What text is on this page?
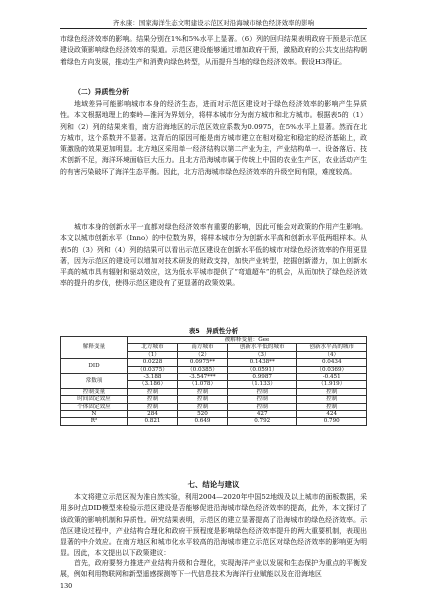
齐永康：国家海洋生态文明建设示范区对沿海城市绿色经济效率的影响

市绿色经济效率的影响。结果分别在1%和5%水平上显著。（6）列的回归结果表明政府干预是示范区建设政策影响绿色经济效率的渠道。示范区建设能够通过增加政府干预，激励政府的公共支出结构朝着绿色方向发展，推动生产和消费向绿色转型，从而提升当地的绿色经济效率。假设H3得证。

（二）异质性分析

地域差异可能影响城市本身的经济生态，进而对示范区建设对于绿色经济效率的影响产生异质性。本文根据地理上的秦岭—淮河为界划分，将样本城市分为南方城市和北方城市。根据表5的（1）列和（2）列的结果来看，南方沿海地区的示范区效应系数为0.0975，在5%水平上显著。然而在北方城市，这个系数并不显著。这背后的原因可能是南方城市建立在相对稳定和稳定的经济基础上，政策激励的效果更加明显。北方地区采用单一经济结构以第二产业为主，产业结构单一、设备落后、技术创新不足，海洋环境面临巨大压力。且北方沿海城市属于传统上中国的农业生产区，农业活动产生的有害污染破坏了海洋生态平衡。因此，北方沿海城市绿色经济效率的升级空间有限，难度较高。

城市本身的创新水平一直都对绿色经济效率有重要的影响，因此可能会对政策的作用产生影响。本文以城市创新水平（Inno）的中位数为界，将样本城市分为创新水平高和创新水平低两组样本。从表5的（3）列和（4）列的结果可以看出示范区建设在创新水平低的城市对绿色经济效率的作用更显著，因为示范区的建设可以增加对技术研发的财政支持，加快产业转型，挖掘创新潜力，加上创新水平高的城市具有辐射和驱动效应，这为低水平城市提供了“弯道超车”的机会，从而加快了绿色经济效率的提升的步伐，使得示范区建设有了更显著的政策效果。

表5　异质性分析
解释变量	被解释变量：Gee			
	北方城市	南方城市	创新水平低的城市	创新水平高的城市
	（1）	（2）	（3）	（4）
DID	0.0228	0.0975**	0.1438**	0.0434
	（0.0375）	（0.0385）	（0.0591）	（0.0369）
常数项	-3.188	-3.547***	0.9987	-0.451
	（3.186）	（1.078）	（1.133）	（1.919）
控制变量	控制	控制	控制	控制
时间固定效应	控制	控制	控制	控制
个体固定效应	控制	控制	控制	控制
N	284	520	427	424
R²	0.821	0.649	0.792	0.790
七、结论与建议

本文将建立示范区视为准自然实验，利用2004—2020年中国52地级及以上城市的面板数据，采用多时点DID模型来检验示范区建设是否能够促进沿海城市绿色经济效率的提高，此外，本文探讨了该政策的影响机制和异质性。研究结果表明，示范区的建立显著提高了沿海城市的绿色经济效率。示范区建设过程中，产业结构合理化和政府干预程度是影响绿色经济效率提升的两大重要机制，表现出显著的中介效应。在南方地区和城市化水平较高的沿海城市建立示范区对绿色经济效率的影响更为明显。因此，本文提出以下政策建议：

首先，政府要努力推进产业结构升级和合理化，实现海洋产业以发展和生态保护为重点的平衡发展，例如利用物联网和新型遥感探测等下一代信息技术为海洋行业赋能以及在沿海地区

130
